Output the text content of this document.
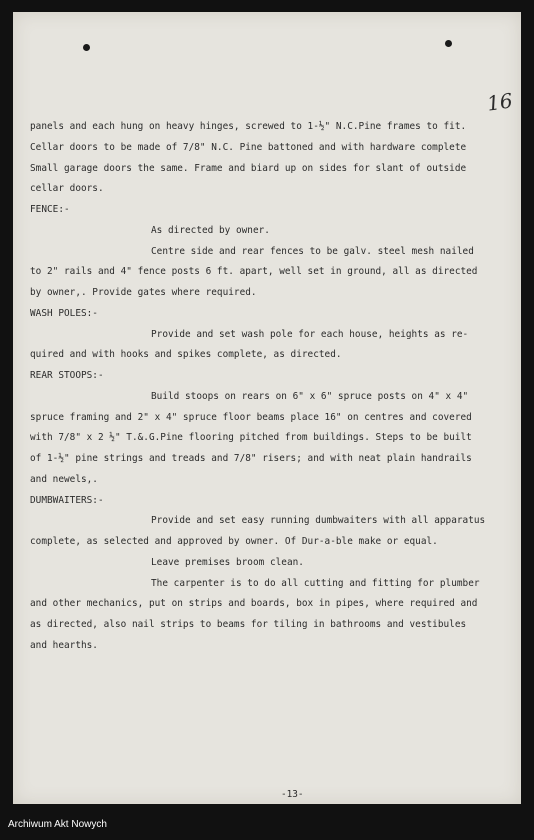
16
panels and each hung on heavy hinges, screwed to 1-½" N.C.Pine frames to fit.
Cellar doors to be made of 7/8" N.C. Pine battoned and with hardware complete
Small garage doors the same. Frame and biard up on sides for slant of outside
cellar doors.
FENCE:-
As directed by owner.
Centre side and rear fences to be galv. steel mesh nailed
to 2" rails and 4" fence posts 6 ft. apart, well set in ground, all as directed
by owner,. Provide gates where required.
WASH POLES:-
Provide and set wash pole for each house, heights as re-
quired and with hooks and spikes complete, as directed.
REAR STOOPS:-
Build stoops on rears on 6" x 6" spruce posts on 4" x 4"
spruce framing and 2" x 4" spruce floor beams place 16" on centres and covered
with 7/8" x 2 ½" T.&.G.Pine flooring pitched from buildings. Steps to be built
of 1-½" pine strings and treads and 7/8" risers; and with neat plain handrails
and newels,.
DUMBWAITERS:-
Provide and set easy running dumbwaiters with all apparatus
complete, as selected and approved by owner. Of Dur-a-ble make or equal.
Leave premises broom clean.
The carpenter is to do all cutting and fitting for plumber
and other mechanics, put on strips and boards, box in pipes, where required and
as directed, also nail strips to beams for tiling in bathrooms and vestibules
and hearths.
-13-
Archiwum Akt Nowych
